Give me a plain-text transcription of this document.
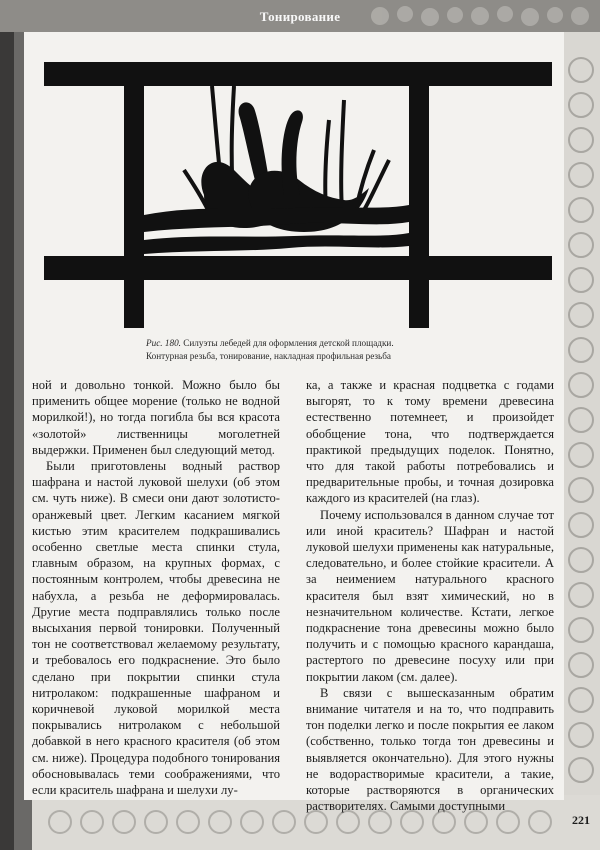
Тонирование
Рис. 180. Силуэты лебедей для оформления детской площадки.
Контурная резьба, тонирование, накладная профильная резьба

ной и довольно тонкой. Можно было бы применить общее морение (только не водной морилкой!), но тогда погибла бы вся красота «золотой» лиственницы моголетней выдержки. Применен был следующий метод.

Были приготовлены водный раствор шафрана и настой луковой шелухи (об этом см. чуть ниже). В смеси они дают золотисто-оранжевый цвет. Легким касанием мягкой кистью этим красителем подкрашивались особенно светлые места спинки стула, главным образом, на крупных формах, с постоянным контролем, чтобы древесина не набухла, а резьба не деформировалась. Другие места подправлялись только после высыхания первой тонировки. Полученный тон не соответствовал желаемому результату, и требовалось его подкраснение. Это было сделано при покрытии спинки стула нитролаком: подкрашенные шафраном и коричневой луковой морилкой места покрывались нитролаком с небольшой добавкой в него красного красителя (об этом см. ниже). Процедура подобного тонирования обосновывалась теми соображениями, что если краситель шафрана и шелухи лу-

ка, а также и красная подцветка с годами выгорят, то к тому времени древесина естественно потемнеет, и произойдет обобщение тона, что подтверждается практикой предыдущих поделок. Понятно, что для такой работы потребовались и предварительные пробы, и точная дозировка каждого из красителей (на глаз).

Почему использовался в данном случае тот или иной краситель? Шафран и настой луковой шелухи применены как натуральные, следовательно, и более стойкие красители. А за неимением натурального красного красителя был взят химический, но в незначительном количестве. Кстати, легкое подкраснение тона древесины можно было получить и с помощью красного карандаша, растертого по древесине посуху или при покрытии лаком (см. далее).

В связи с вышесказанным обратим внимание читателя и на то, что подправить тон поделки легко и после покрытия ее лаком (собственно, только тогда тон древесины и выявляется окончательно). Для этого нужны не водорастворимые красители, а такие, которые растворяются в органических растворителях. Самыми доступными

221
